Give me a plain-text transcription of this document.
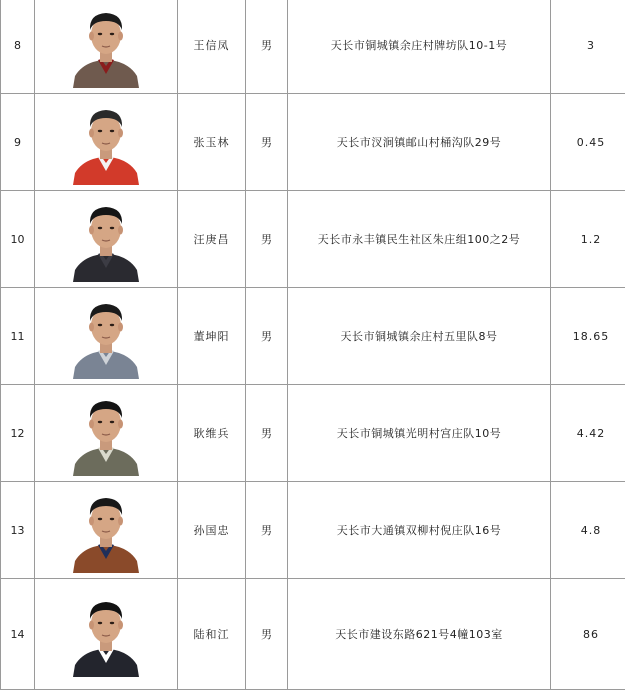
8		王信凤	男	天长市铜城镇余庄村牌坊队10-1号	3
9		张玉林	男	天长市汊涧镇邮山村桶沟队29号	0.45
10		汪庚昌	男	天长市永丰镇民生社区朱庄组100之2号	1.2
11		董坤阳	男	天长市铜城镇余庄村五里队8号	18.65
12		耿维兵	男	天长市铜城镇光明村宫庄队10号	4.42
13		孙国忠	男	天长市大通镇双柳村倪庄队16号	4.8
14		陆和江	男	天长市建设东路621号4幢103室	86
